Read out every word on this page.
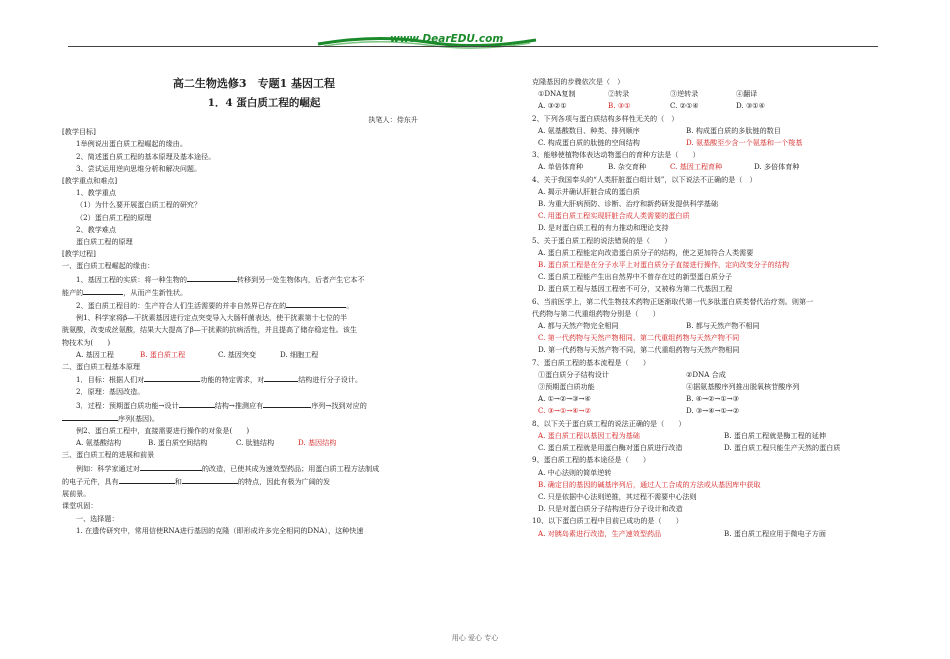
www.DearEDU.com
高二生物选修3　专题1 基因工程
1．4 蛋白质工程的崛起
执笔人：侍东升
[教学目标]
1举例说出蛋白质工程崛起的缘由。
2、简述蛋白质工程的基本原理及基本途径。
3、尝试运用逆向思维分析和解决问题。
[教学重点和难点]
1、教学重点
（1）为什么要开展蛋白质工程的研究？
（2）蛋白质工程的原理
2、教学难点
蛋白质工程的原理
[教学过程]
一、蛋白质工程崛起的缘由：
1、基因工程的实质：将一种生物的	转移到另一处生物体内，后者产生它本不
能产的	，从而产生新性状。
2、蛋白质工程目的：生产符合人们生活需要的并非自然界已存在的	。
例1、科学家将β—干扰素基因进行定点突变导入大肠杆菌表达，使干扰素第十七位的半
胱氨酸，改变成丝氨酸，结果大大提高了β—干扰素的抗病活性，并且提高了储存稳定性。该生
物技术为(　　)
A. 基因工程	B. 蛋白质工程	C. 基因突变	D. 细胞工程
二、蛋白质工程基本原理
1．目标：根据人们对	功能的特定需求，对	结构进行分子设计。
2．原理：基因改造。
3．过程：预期蛋白质功能→设计	结构→推测应有	序列→找到对应的
序列(基因)。
例2、蛋白质工程中，直接需要进行操作的对象是(　　)
A. 氨基酸结构	B. 蛋白质空间结构	C. 肽链结构	D. 基因结构
三、蛋白质工程的进展和前景
例如：科学家通过对	的改造，已使其成为速效型药品；用蛋白质工程方法制成
的电子元件，具有	和	的特点，因此有极为广阔的发
展前景。
课堂巩固：
一、选择题：
1. 在遗传研究中，常用信使RNA进行基因的克隆（即形成许多完全相同的DNA），这种快速
克隆基因的步骤依次是（　）
①DNA复制	②转录	③逆转录	④翻译
A. ③②①	B. ③①	C. ②①④	D. ③①④
2、下列各项与蛋白质结构多样性无关的（　）
A. 氨基酸数目、种类、排列顺序	B. 构成蛋白质的多肽链的数目
C. 构成蛋白质的肽链的空间结构	D. 氨基酸至少含一个氨基和一个羧基
3、能够使植物体表达动物蛋白的育种方法是（　　）
A. 单倍体育种	B. 杂交育种	C. 基因工程育种	D. 多倍体育种
4、关于我国奉头的“人类肝脏蛋白组计划”，以下说法不正确的是（　）
A. 揭示并确认肝脏合成的蛋白质
B. 为重大肝病预防、诊断、治疗和新药研发提供科学基础
C. 用蛋白质工程实现肝脏合成人类需要的蛋白质
D. 是对蛋白质工程的有力推动和理论支持
5、关于蛋白质工程的说法错误的是（　　）
A. 蛋白质工程能定向改造蛋白质分子的结构，使之更加符合人类需要
B. 蛋白质工程是在分子水平上对蛋白质分子直接进行操作，定向改变分子的结构
C. 蛋白质工程能产生出自然界中不曾存在过的新型蛋白质分子
D. 蛋白质工程与基因工程密不可分，又被称为第二代基因工程
6、当前医学上，第二代生物技术药物正逐渐取代第一代多肽蛋白质类替代治疗剂。则第一
代药物与第二代重组药物分别是（　　）
A. 都与天然产物完全相同	B. 都与天然产物不相同
C. 第一代药物与天然产物相同、第二代重组药物与天然产物不同
D. 第一代药物与天然产物不同，第二代重组药物与天然产物相同
7、蛋白质工程的基本流程是（　　）
①蛋白质分子结构设计	②DNA 合成
③预期蛋白质功能	④据氨基酸序列推出脱氧核苷酸序列
A. ①→②→③→④	B. ④→②→①→③
C. ③→①→④→②	D. ③→④→①→②
8、以下关于蛋白质工程的说法正确的是（　　）
A. 蛋白质工程以基因工程为基础	B. 蛋白质工程就是酶工程的延伸
C. 蛋白质工程就是用蛋白酶对蛋白质进行改造	D. 蛋白质工程只能生产天然的蛋白质
9、蛋白质工程的基本途径是（　　）
A. 中心法则的简单逆转
B. 确定目的基因的碱基序列后，通过人工合成的方法或从基因库中获取
C. 只是依据中心法则逆推，其过程不需要中心法则
D. 只是对蛋白质分子结构进行分子设计和改造
10、以下蛋白质工程中目前已成功的是（　　）
A. 对胰岛素进行改造，生产速效型药品	B. 蛋白质工程应用于微电子方面
用心 爱心 专心
